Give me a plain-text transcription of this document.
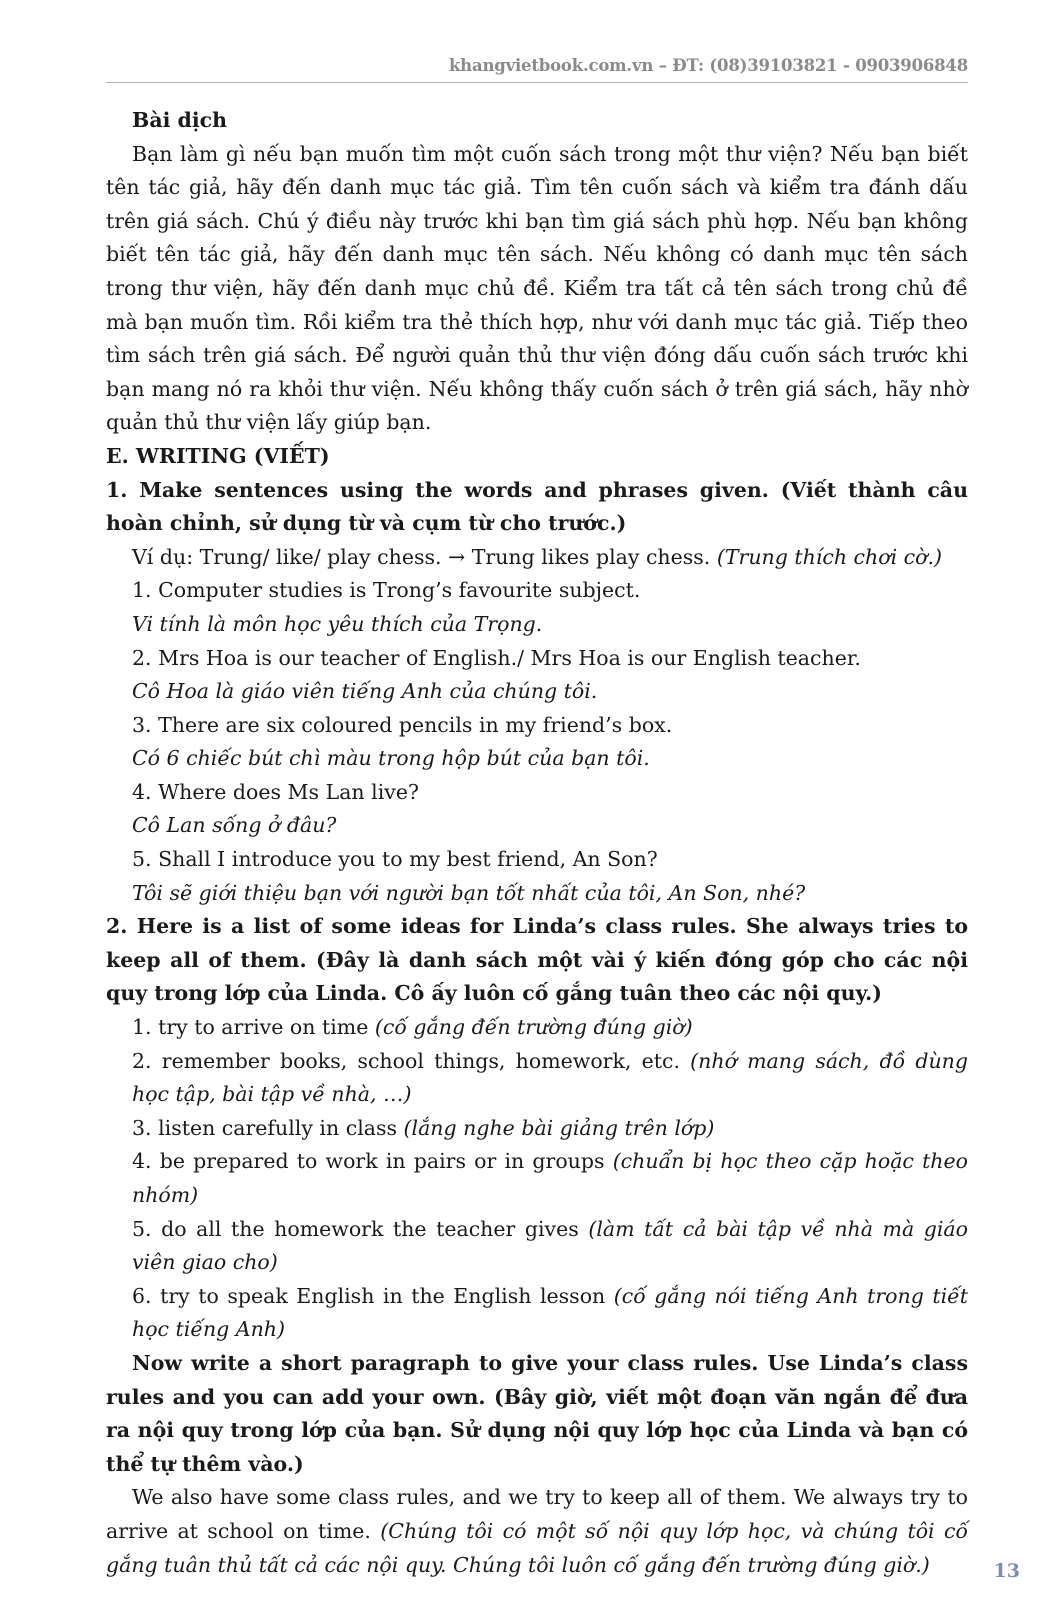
khangvietbook.com.vn – ĐT: (08)39103821 - 0903906848

Bài dịch

Bạn làm gì nếu bạn muốn tìm một cuốn sách trong một thư viện? Nếu bạn biết tên tác giả, hãy đến danh mục tác giả. Tìm tên cuốn sách và kiểm tra đánh dấu trên giá sách. Chú ý điều này trước khi bạn tìm giá sách phù hợp. Nếu bạn không biết tên tác giả, hãy đến danh mục tên sách. Nếu không có danh mục tên sách trong thư viện, hãy đến danh mục chủ đề. Kiểm tra tất cả tên sách trong chủ đề mà bạn muốn tìm. Rồi kiểm tra thẻ thích hợp, như với danh mục tác giả. Tiếp theo tìm sách trên giá sách. Để người quản thủ thư viện đóng dấu cuốn sách trước khi bạn mang nó ra khỏi thư viện. Nếu không thấy cuốn sách ở trên giá sách, hãy nhờ quản thủ thư viện lấy giúp bạn.

E. WRITING (VIẾT)

1. Make sentences using the words and phrases given. (Viết thành câu hoàn chỉnh, sử dụng từ và cụm từ cho trước.)

Ví dụ: Trung/ like/ play chess. → Trung likes play chess. (Trung thích chơi cờ.)

1. Computer studies is Trong’s favourite subject.

Vi tính là môn học yêu thích của Trọng.

2. Mrs Hoa is our teacher of English./ Mrs Hoa is our English teacher.

Cô Hoa là giáo viên tiếng Anh của chúng tôi.

3. There are six coloured pencils in my friend’s box.

Có 6 chiếc bút chì màu trong hộp bút của bạn tôi.

4. Where does Ms Lan live?

Cô Lan sống ở đâu?

5. Shall I introduce you to my best friend, An Son?

Tôi sẽ giới thiệu bạn với người bạn tốt nhất của tôi, An Son, nhé?

2. Here is a list of some ideas for Linda’s class rules. She always tries to keep all of them. (Đây là danh sách một vài ý kiến đóng góp cho các nội quy trong lớp của Linda. Cô ấy luôn cố gắng tuân theo các nội quy.)

1. try to arrive on time (cố gắng đến trường đúng giờ)

2. remember books, school things, homework, etc. (nhớ mang sách, đồ dùng học tập, bài tập về nhà, …)

3. listen carefully in class (lắng nghe bài giảng trên lớp)

4. be prepared to work in pairs or in groups (chuẩn bị học theo cặp hoặc theo nhóm)

5. do all the homework the teacher gives (làm tất cả bài tập về nhà mà giáo viên giao cho)

6. try to speak English in the English lesson (cố gắng nói tiếng Anh trong tiết học tiếng Anh)

Now write a short paragraph to give your class rules. Use Linda’s class rules and you can add your own. (Bây giờ, viết một đoạn văn ngắn để đưa ra nội quy trong lớp của bạn. Sử dụng nội quy lớp học của Linda và bạn có thể tự thêm vào.)

We also have some class rules, and we try to keep all of them. We always try to arrive at school on time. (Chúng tôi có một số nội quy lớp học, và chúng tôi cố gắng tuân thủ tất cả các nội quy. Chúng tôi luôn cố gắng đến trường đúng giờ.)	13
